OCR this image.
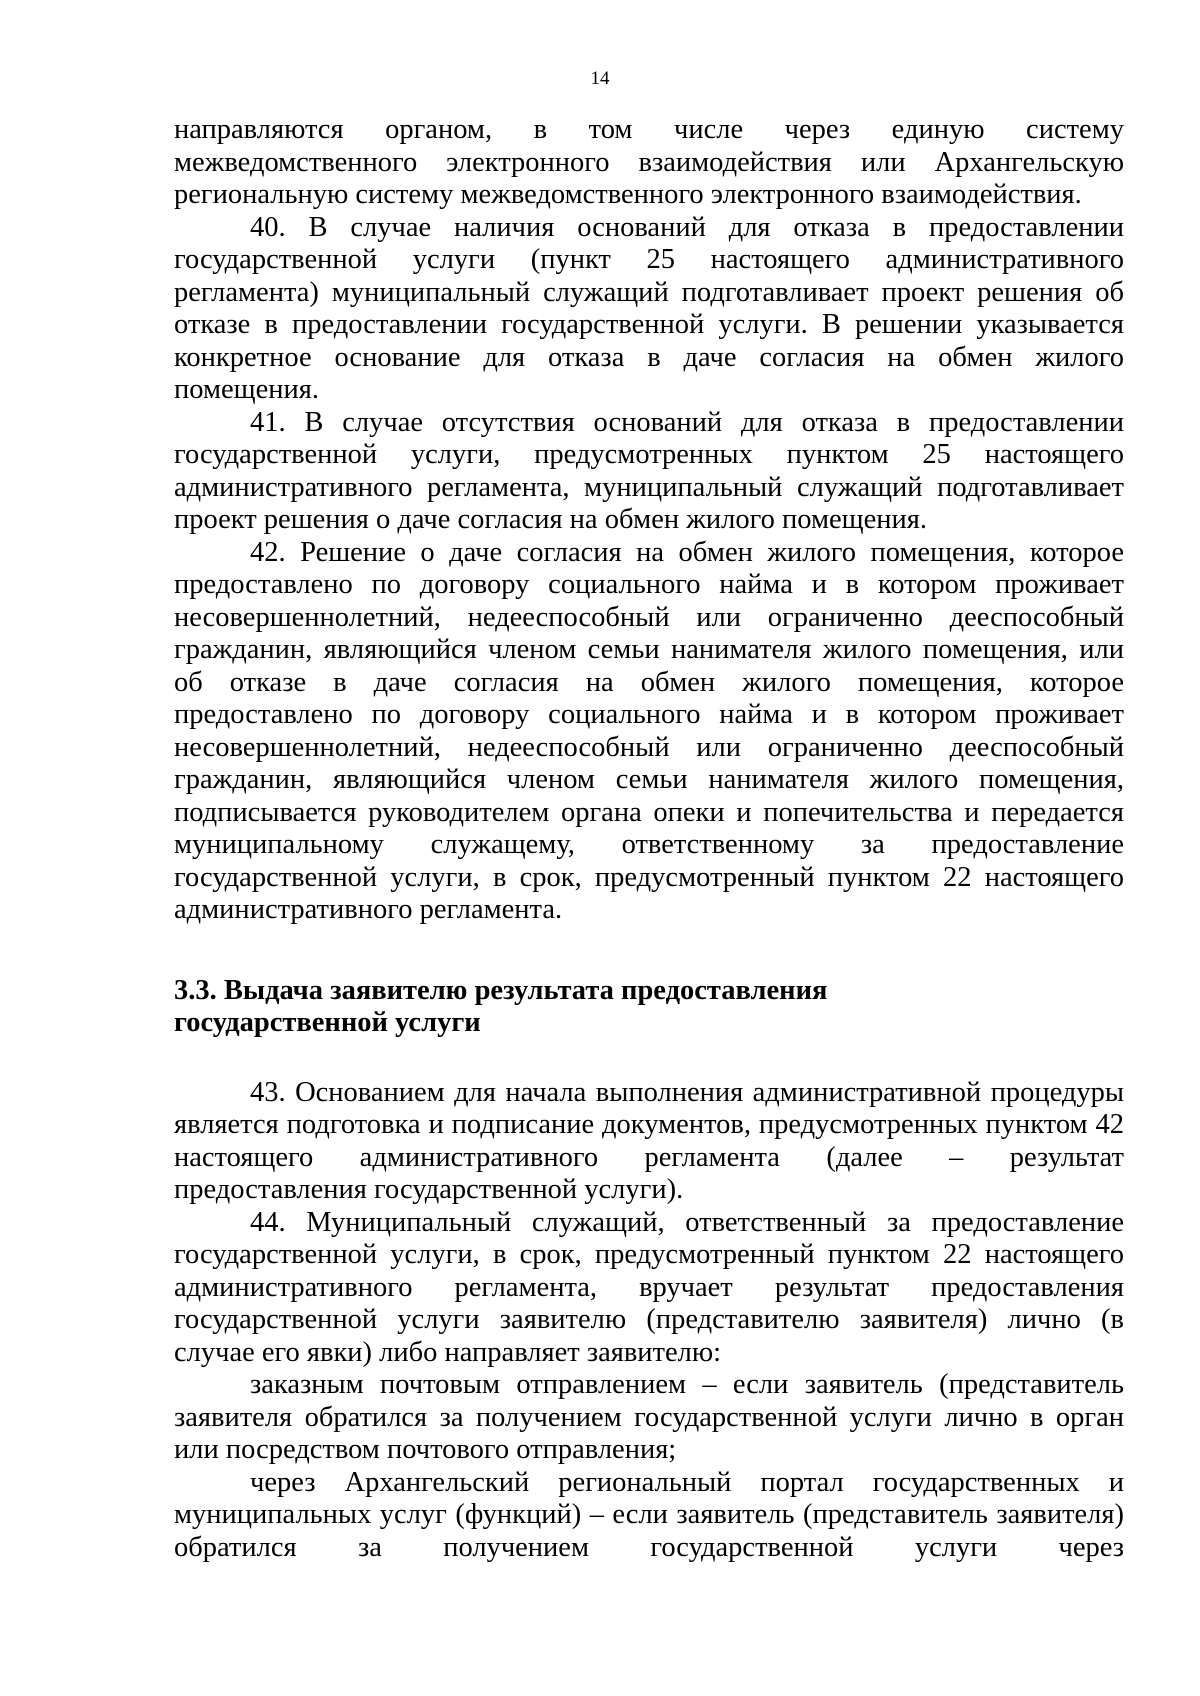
14

направляются органом, в том числе через единую систему межведомственного электронного взаимодействия или Архангельскую региональную систему межведомственного электронного взаимодействия.

40. В случае наличия оснований для отказа в предоставлении государственной услуги (пункт 25 настоящего административного регламента) муниципальный служащий подготавливает проект решения об отказе в предоставлении государственной услуги. В решении указывается конкретное основание для отказа в даче согласия на обмен жилого помещения.

41. В случае отсутствия оснований для отказа в предоставлении государственной услуги, предусмотренных пунктом 25 настоящего административного регламента, муниципальный служащий подготавливает проект решения о даче согласия на обмен жилого помещения.

42. Решение о даче согласия на обмен жилого помещения, которое предоставлено по договору социального найма и в котором проживает несовершеннолетний, недееспособный или ограниченно дееспособный гражданин, являющийся членом семьи нанимателя жилого помещения, или об отказе в даче согласия на обмен жилого помещения, которое предоставлено по договору социального найма и в котором проживает несовершеннолетний, недееспособный или ограниченно дееспособный гражданин, являющийся членом семьи нанимателя жилого помещения, подписывается руководителем органа опеки и попечительства и передается муниципальному служащему, ответственному за предоставление государственной услуги, в срок, предусмотренный пунктом 22 настоящего административного регламента.

3.3. Выдача заявителю результата предоставления

государственной услуги

43. Основанием для начала выполнения административной процедуры является подготовка и подписание документов, предусмотренных пунктом 42 настоящего административного регламента (далее – результат предоставления государственной услуги).

44. Муниципальный служащий, ответственный за предоставление государственной услуги, в срок, предусмотренный пунктом 22 настоящего административного регламента, вручает результат предоставления государственной услуги заявителю (представителю заявителя) лично (в случае его явки) либо направляет заявителю:

заказным почтовым отправлением – если заявитель (представитель заявителя обратился за получением государственной услуги лично в орган или посредством почтового отправления;

через Архангельский региональный портал государственных и муниципальных услуг (функций) – если заявитель (представитель заявителя) обратился за получением государственной услуги через
